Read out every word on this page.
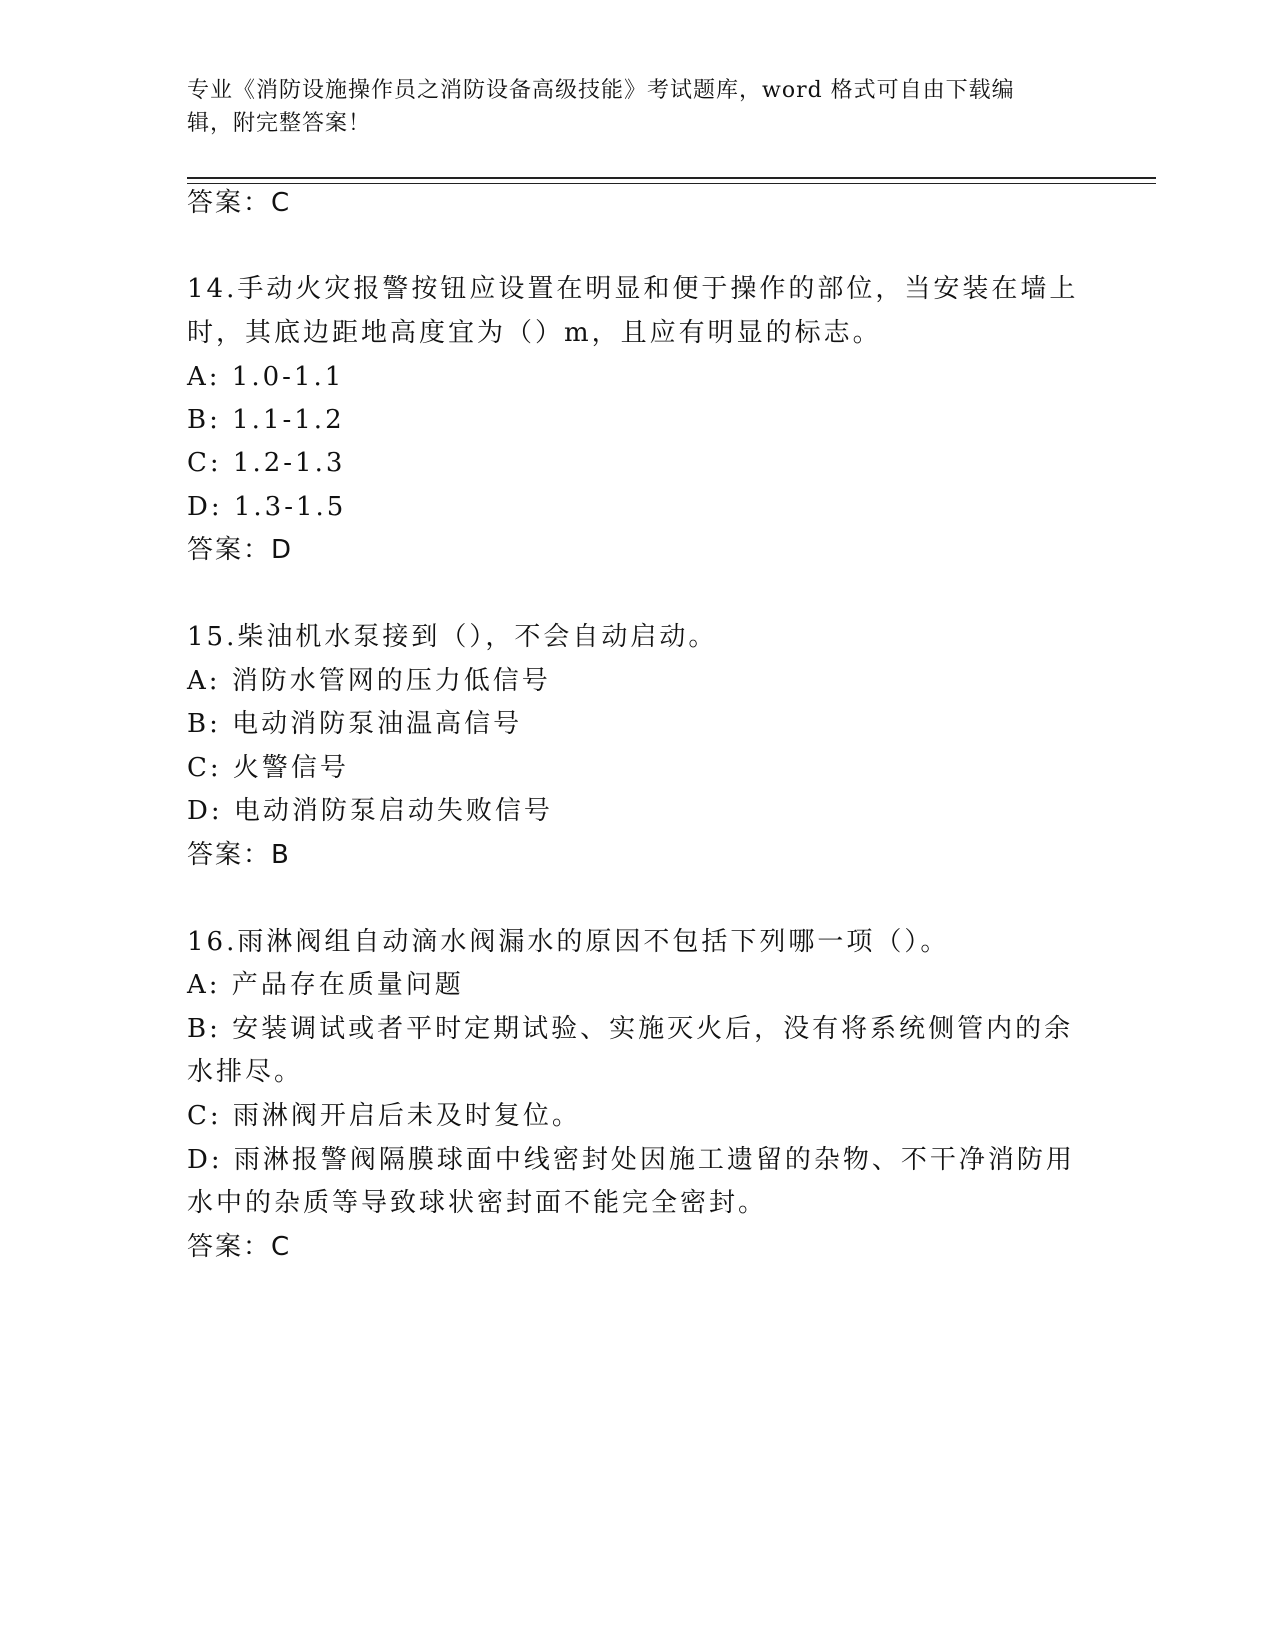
专业《消防设施操作员之消防设备高级技能》考试题库，word 格式可自由下载编
辑，附完整答案！
答案：C
14.手动火灾报警按钮应设置在明显和便于操作的部位，当安装在墙上
时，其底边距地高度宜为（）m，且应有明显的标志。
A: 1.0-1.1
B: 1.1-1.2
C: 1.2-1.3
D: 1.3-1.5
答案：D
15.柴油机水泵接到（），不会自动启动。
A: 消防水管网的压力低信号
B: 电动消防泵油温高信号
C: 火警信号
D: 电动消防泵启动失败信号
答案：B
16.雨淋阀组自动滴水阀漏水的原因不包括下列哪一项（）。
A: 产品存在质量问题
B: 安装调试或者平时定期试验、实施灭火后，没有将系统侧管内的余
水排尽。
C: 雨淋阀开启后未及时复位。
D: 雨淋报警阀隔膜球面中线密封处因施工遗留的杂物、不干净消防用
水中的杂质等导致球状密封面不能完全密封。
答案：C
